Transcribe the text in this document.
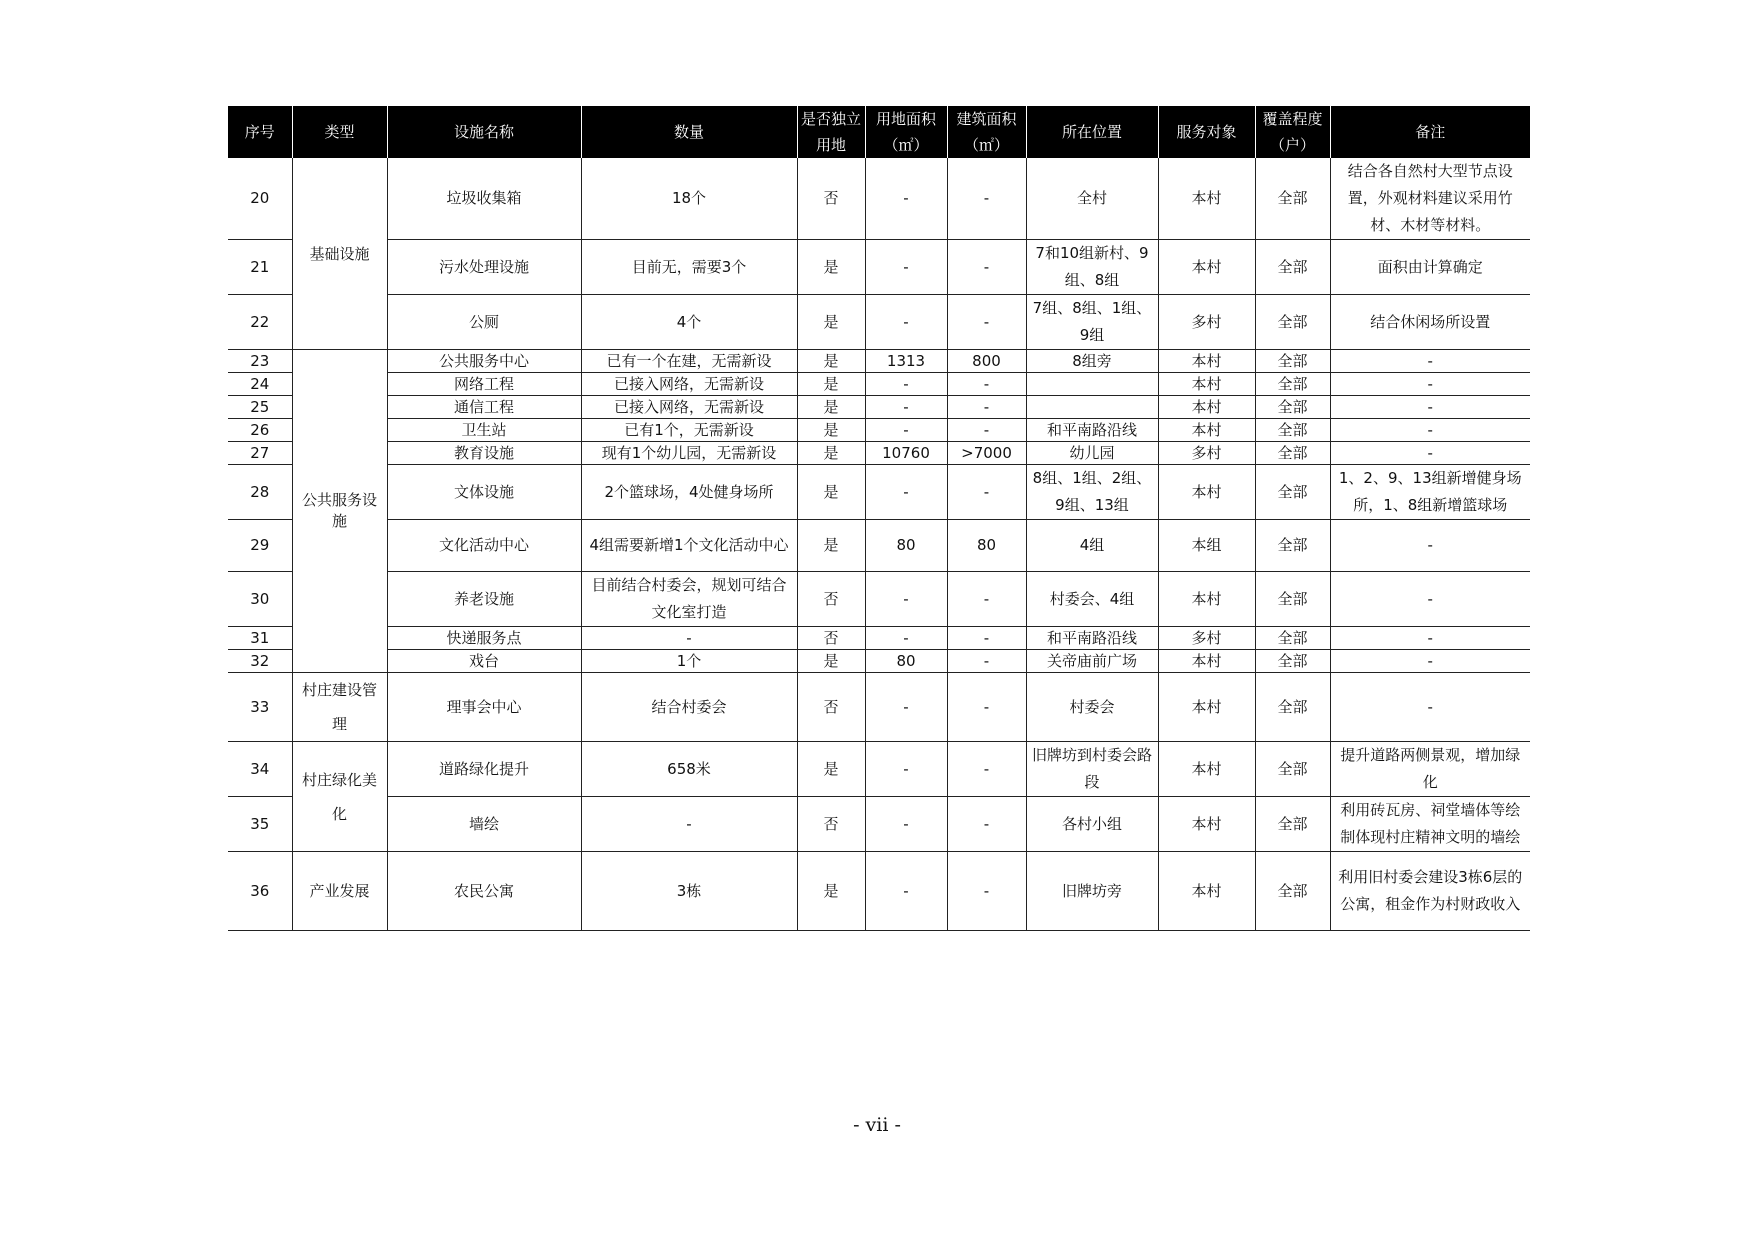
序号	类型	设施名称	数量	是否独立用地	用地面积（㎡）	建筑面积（㎡）	所在位置	服务对象	覆盖程度（户）	备注
20	基础设施	垃圾收集箱	18个	否	-	-	全村	本村	全部	结合各自然村大型节点设置，外观材料建议采用竹材、木材等材料。
21		污水处理设施	目前无，需要3个	是	-	-	7和10组新村、9组、8组	本村	全部	面积由计算确定
22		公厕	4个	是	-	-	7组、8组、1组、9组	多村	全部	结合休闲场所设置
23	公共服务设施	公共服务中心	已有一个在建，无需新设	是	1313	800	8组旁	本村	全部	-
24		网络工程	已接入网络，无需新设	是	-	-		本村	全部	-
25		通信工程	已接入网络，无需新设	是	-	-		本村	全部	-
26		卫生站	已有1个，无需新设	是	-	-	和平南路沿线	本村	全部	-
27		教育设施	现有1个幼儿园，无需新设	是	10760	>7000	幼儿园	多村	全部	-
28		文体设施	2个篮球场，4处健身场所	是	-	-	8组、1组、2组、9组、13组	本村	全部	1、2、9、13组新增健身场所，1、8组新增篮球场
29		文化活动中心	4组需要新增1个文化活动中心	是	80	80	4组	本组	全部	-
30		养老设施	目前结合村委会，规划可结合文化室打造	否	-	-	村委会、4组	本村	全部	-
31		快递服务点	-	否	-	-	和平南路沿线	多村	全部	-
32		戏台	1个	是	80	-	关帝庙前广场	本村	全部	-
33	村庄建设管理	理事会中心	结合村委会	否	-	-	村委会	本村	全部	-
34	村庄绿化美化	道路绿化提升	658米	是	-	-	旧牌坊到村委会路段	本村	全部	提升道路两侧景观，增加绿化
35		墙绘	-	否	-	-	各村小组	本村	全部	利用砖瓦房、祠堂墙体等绘制体现村庄精神文明的墙绘
36	产业发展	农民公寓	3栋	是	-	-	旧牌坊旁	本村	全部	利用旧村委会建设3栋6层的公寓，租金作为村财政收入
- vii -
